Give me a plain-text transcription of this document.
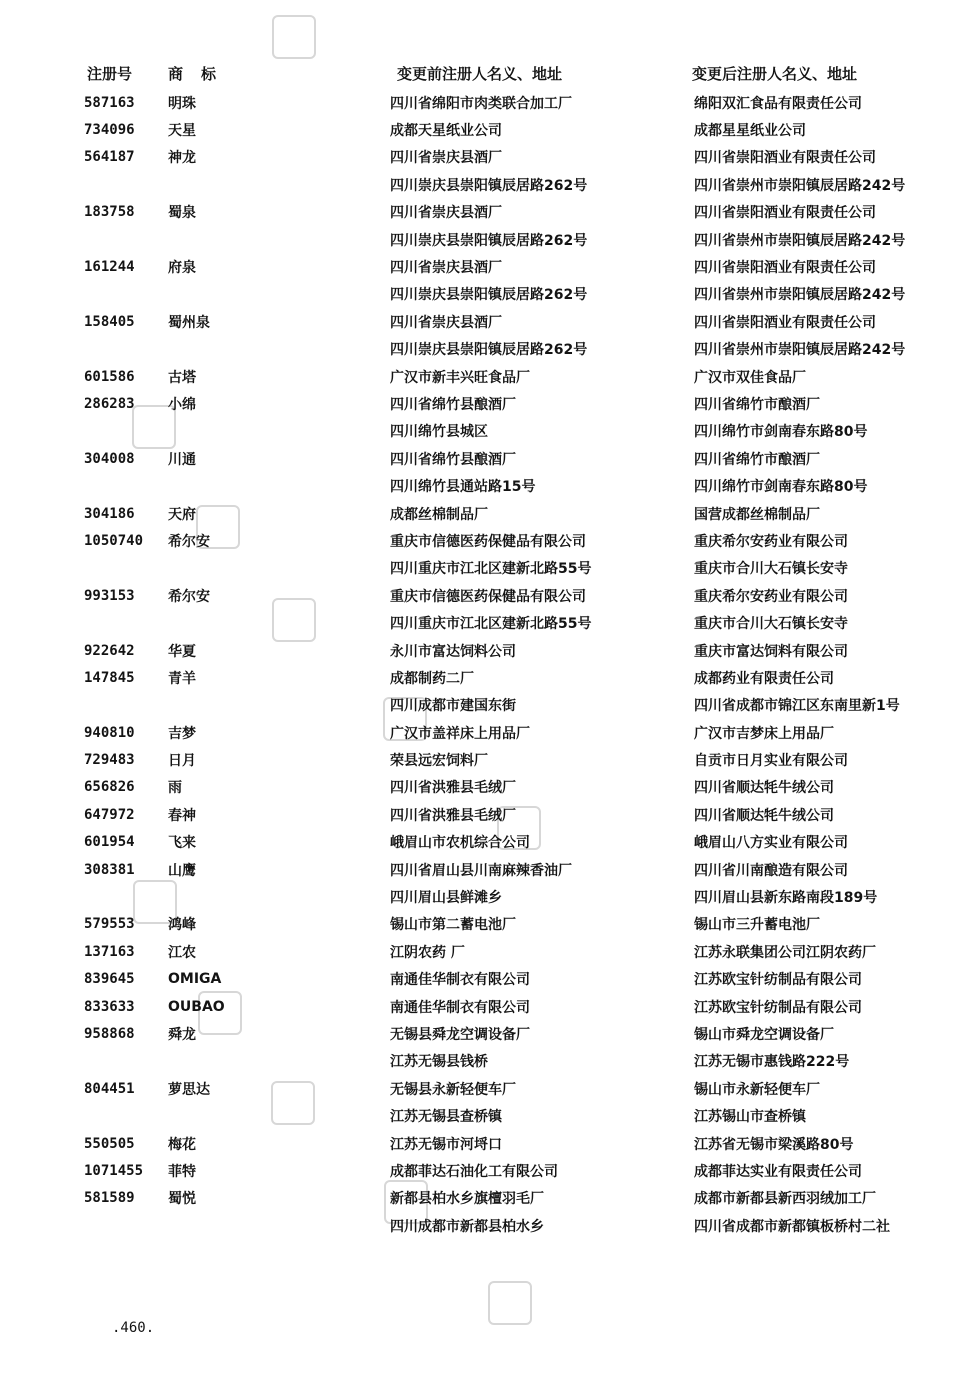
注册号 商标	变更前注册人名义、地址	变更后注册人名义、地址
587163	明珠	四川省绵阳市肉类联合加工厂	绵阳双汇食品有限责任公司
734096	天星	成都天星纸业公司	成都星星纸业公司
564187	神龙	四川省崇庆县酒厂	四川省崇阳酒业有限责任公司
		四川崇庆县崇阳镇辰居路262号	四川省崇州市崇阳镇辰居路242号
183758	蜀泉	四川省崇庆县酒厂	四川省崇阳酒业有限责任公司
		四川崇庆县崇阳镇辰居路262号	四川省崇州市崇阳镇辰居路242号
161244	府泉	四川省崇庆县酒厂	四川省崇阳酒业有限责任公司
		四川崇庆县崇阳镇辰居路262号	四川省崇州市崇阳镇辰居路242号
158405	蜀州泉	四川省崇庆县酒厂	四川省崇阳酒业有限责任公司
		四川崇庆县崇阳镇辰居路262号	四川省崇州市崇阳镇辰居路242号
601586	古塔	广汉市新丰兴旺食品厂	广汉市双佳食品厂
286283	小绵	四川省绵竹县酿酒厂	四川省绵竹市酿酒厂
		四川绵竹县城区	四川绵竹市剑南春东路80号
304008	川通	四川省绵竹县酿酒厂	四川省绵竹市酿酒厂
		四川绵竹县通站路15号	四川绵竹市剑南春东路80号
304186	天府	成都丝棉制品厂	国营成都丝棉制品厂
1050740	希尔安	重庆市信德医药保健品有限公司	重庆希尔安药业有限公司
		四川重庆市江北区建新北路55号	重庆市合川大石镇长安寺
993153	希尔安	重庆市信德医药保健品有限公司	重庆希尔安药业有限公司
		四川重庆市江北区建新北路55号	重庆市合川大石镇长安寺
922642	华夏	永川市富达饲料公司	重庆市富达饲料有限公司
147845	青羊	成都制药二厂	成都药业有限责任公司
		四川成都市建国东街	四川省成都市锦江区东南里新1号
940810	吉梦	广汉市盖祥床上用品厂	广汉市吉梦床上用品厂
729483	日月	荣县远宏饲料厂	自贡市日月实业有限公司
656826	雨	四川省洪雅县毛绒厂	四川省顺达牦牛绒公司
647972	春神	四川省洪雅县毛绒厂	四川省顺达牦牛绒公司
601954	飞来	峨眉山市农机综合公司	峨眉山八方实业有限公司
308381	山鹰	四川省眉山县川南麻辣香油厂	四川省川南酿造有限公司
		四川眉山县鲜滩乡	四川眉山县新东路南段189号
579553	鸿峰	锡山市第二蓄电池厂	锡山市三升蓄电池厂
137163	江农	江阴农药 厂	江苏永联集团公司江阴农药厂
839645	OMIGA	南通佳华制衣有限公司	江苏欧宝针纺制品有限公司
833633	OUBAO	南通佳华制衣有限公司	江苏欧宝针纺制品有限公司
958868	舜龙	无锡县舜龙空调设备厂	锡山市舜龙空调设备厂
		江苏无锡县钱桥	江苏无锡市惠钱路222号
804451	萝思达	无锡县永新轻便车厂	锡山市永新轻便车厂
		江苏无锡县查桥镇	江苏锡山市查桥镇
550505	梅花	江苏无锡市河埒口	江苏省无锡市梁溪路80号
1071455	菲特	成都菲达石油化工有限公司	成都菲达实业有限责任公司
581589	蜀悦	新都县柏水乡旗檀羽毛厂	成都市新都县新西羽绒加工厂
		四川成都市新都县柏水乡	四川省成都市新都镇板桥村二社
.460.
